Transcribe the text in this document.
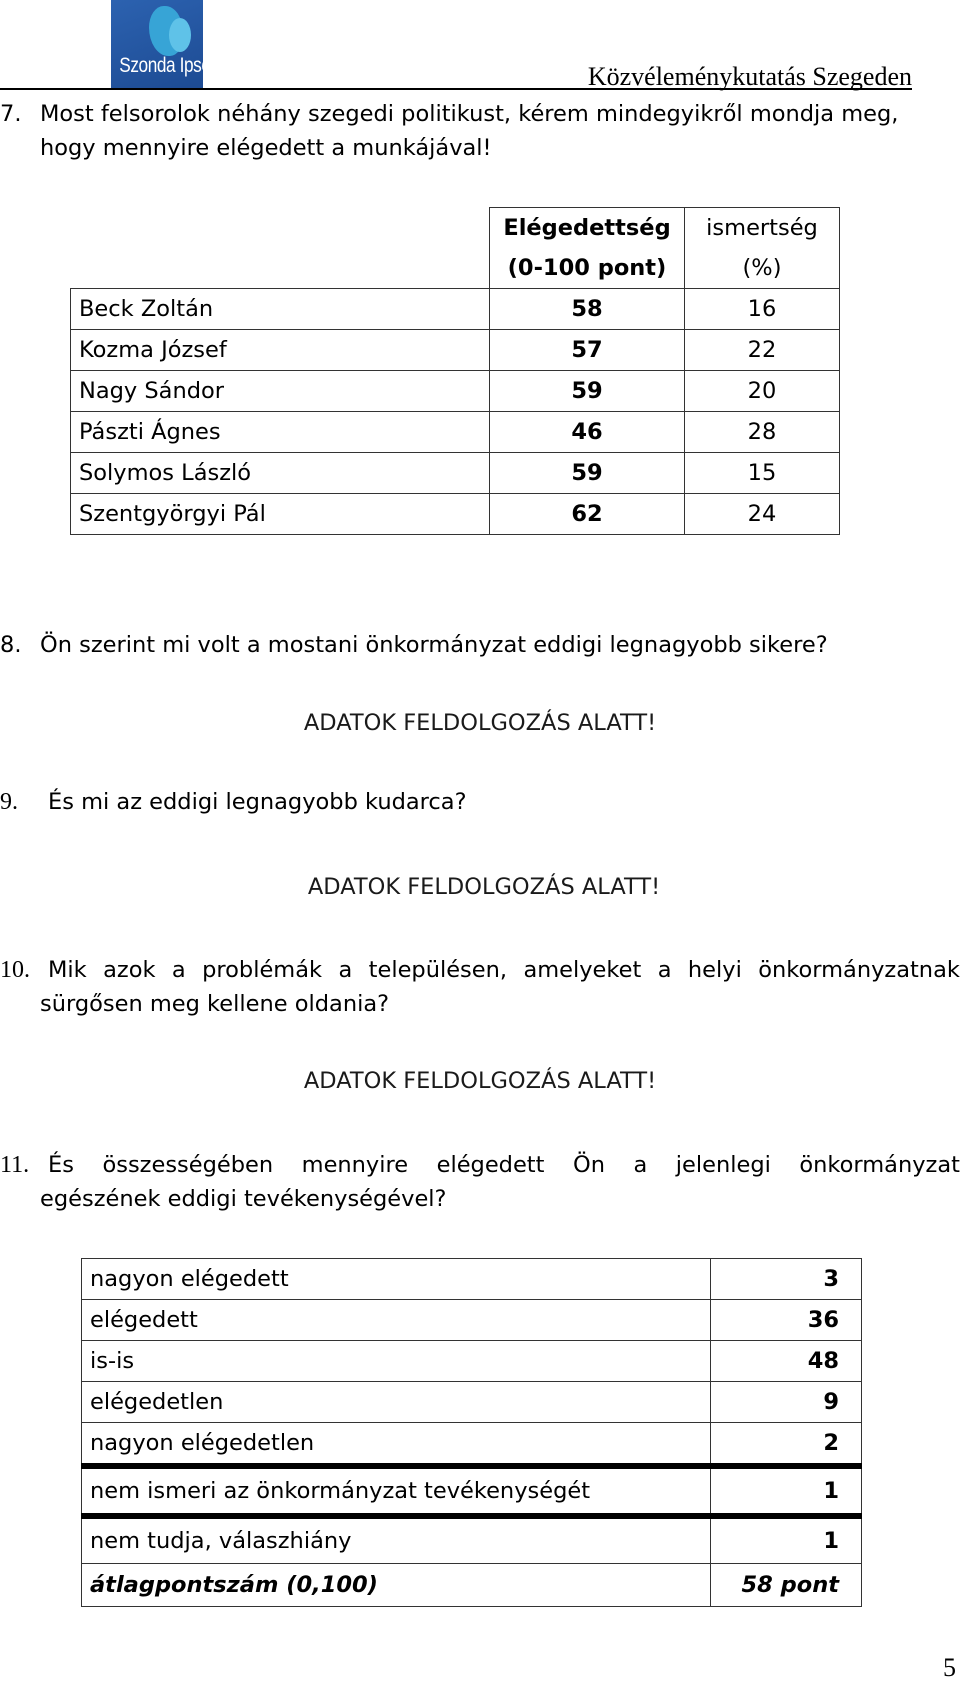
Szonda Ipsos	Közvéleménykutatás Szegeden
7. Most felsorolok néhány szegedi politikust, kérem mindegyikről mondja meg,
hogy mennyire elégedett a munkájával!
	Elégedettség	ismertség
	(0-100 pont)	(%)
Beck Zoltán	58	16
Kozma József	57	22
Nagy Sándor	59	20
Pászti Ágnes	46	28
Solymos László	59	15
Szentgyörgyi Pál	62	24
8. Ön szerint mi volt a mostani önkormányzat eddigi legnagyobb sikere?
ADATOK FELDOLGOZÁS ALATT!
9. És mi az eddigi legnagyobb kudarca?
ADATOK FELDOLGOZÁS ALATT!
10. Mik azok a problémák a településen, amelyeket a helyi önkormányzatnak
sürgősen meg kellene oldania?
ADATOK FELDOLGOZÁS ALATT!
11. És összességében mennyire elégedett Ön a jelenlegi önkormányzat
egészének eddigi tevékenységével?
nagyon elégedett	3
elégedett	36
is-is	48
elégedetlen	9
nagyon elégedetlen	2
nem ismeri az önkormányzat tevékenységét	1
nem tudja, válaszhiány	1
átlagpontszám (0,100)	58 pont
5
